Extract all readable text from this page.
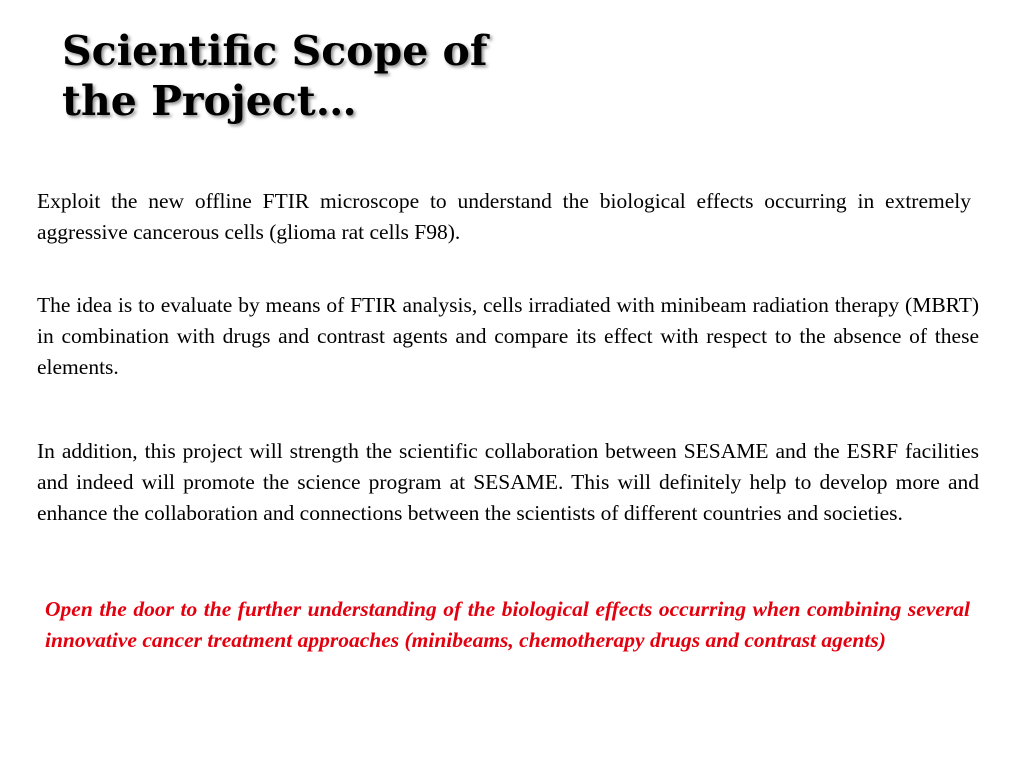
Scientific Scope of
the Project…

Exploit the new offline FTIR microscope to understand the biological effects occurring in extremely aggressive cancerous cells (glioma rat cells F98).

The idea is to evaluate by means of FTIR analysis, cells irradiated with minibeam radiation therapy (MBRT) in combination with drugs and contrast agents and compare its effect with respect to the absence of these elements.

In addition, this project will strength the scientific collaboration between SESAME and the ESRF facilities and indeed will promote the science program at SESAME. This will definitely help to develop more and enhance the collaboration and connections between the scientists of different countries and societies.

Open the door to the further understanding of the biological effects occurring when combining several innovative cancer treatment approaches (minibeams, chemotherapy drugs and contrast agents)
